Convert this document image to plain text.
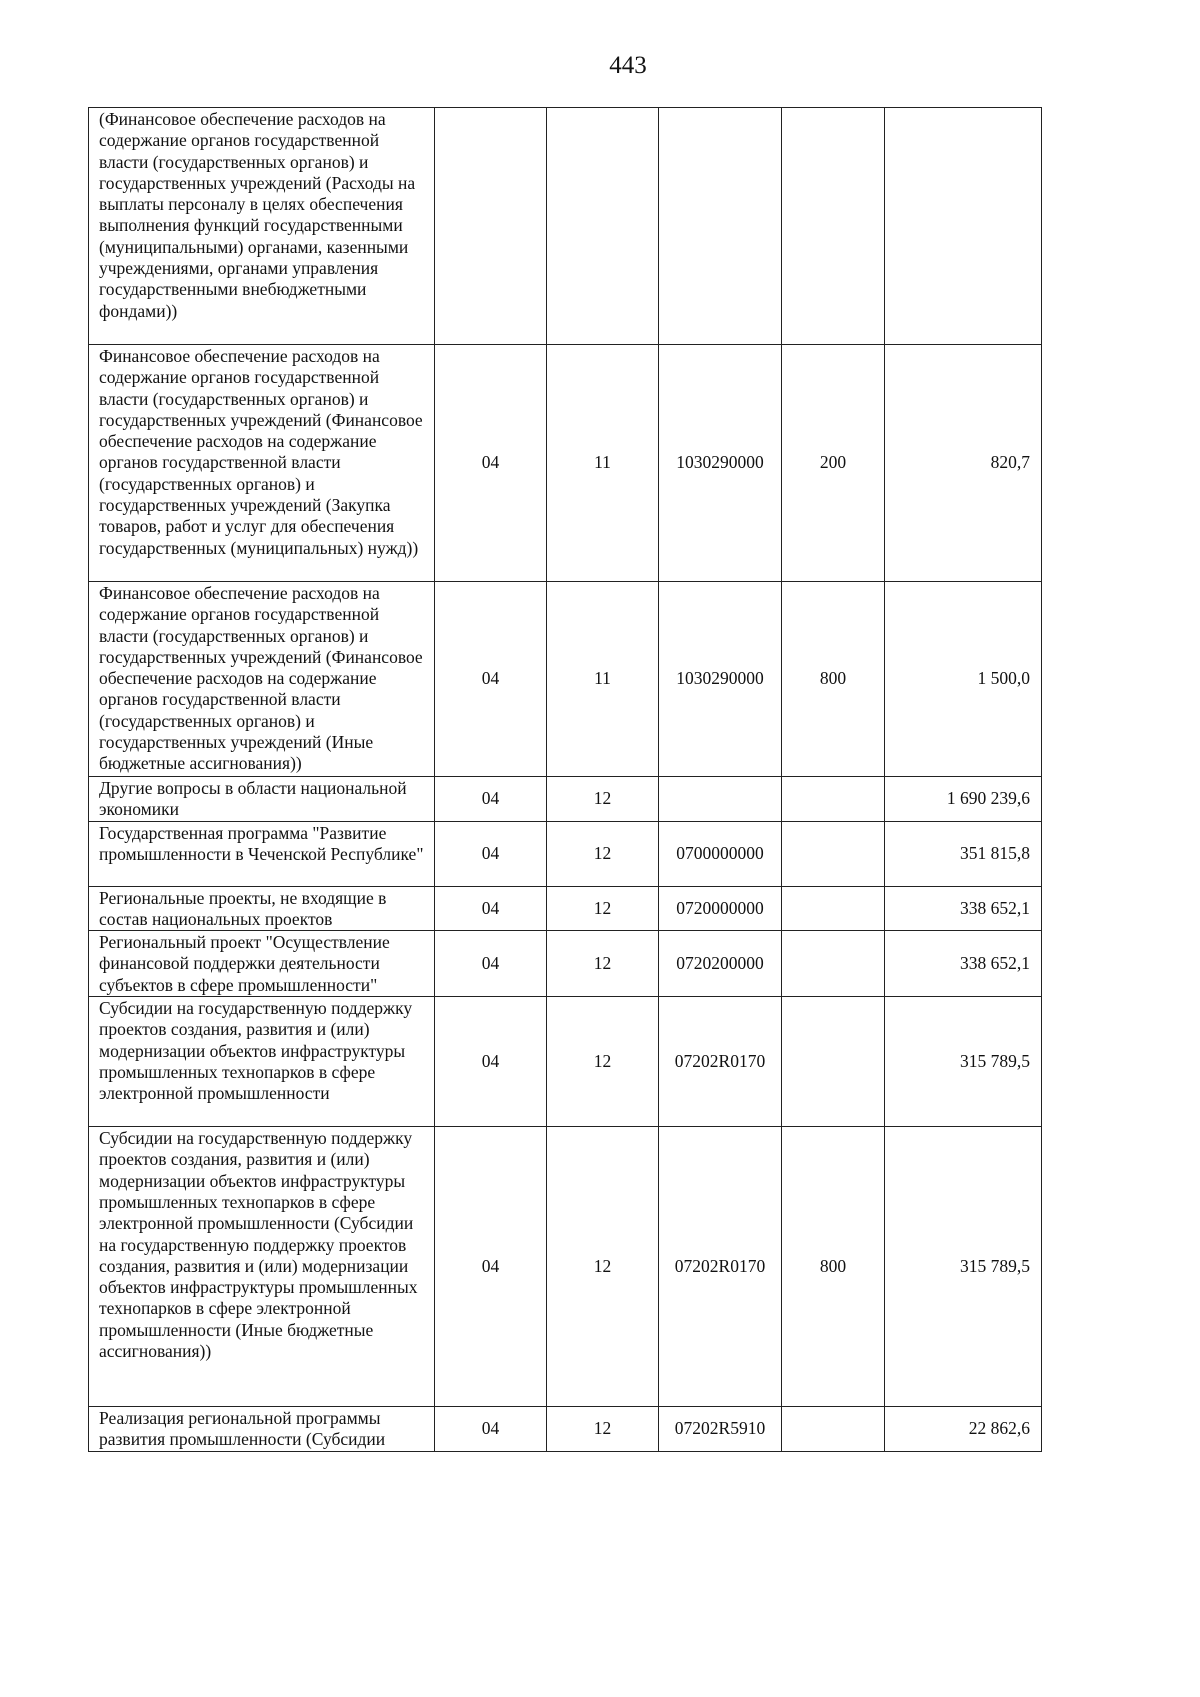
443
(Финансовое обеспечение расходов на содержание органов государственной власти (государственных органов) и государственных учреждений (Расходы на выплаты персоналу в целях обеспечения выполнения функций государственными (муниципальными) органами, казенными учреждениями, органами управления государственными внебюджетными фондами))					
Финансовое обеспечение расходов на содержание органов государственной власти (государственных органов) и государственных учреждений (Финансовое обеспечение расходов на содержание органов государственной власти (государственных органов) и государственных учреждений (Закупка товаров, работ и услуг для обеспечения государственных (муниципальных) нужд))	04	11	1030290000	200	820,7
Финансовое обеспечение расходов на содержание органов государственной власти (государственных органов) и государственных учреждений (Финансовое обеспечение расходов на содержание органов государственной власти (государственных органов) и государственных учреждений (Иные бюджетные ассигнования))	04	11	1030290000	800	1 500,0
Другие вопросы в области национальной экономики	04	12			1 690 239,6
Государственная программа "Развитие промышленности в Чеченской Республике"	04	12	0700000000		351 815,8
Региональные проекты, не входящие в состав национальных проектов	04	12	0720000000		338 652,1
Региональный проект "Осуществление финансовой поддержки деятельности субъектов в сфере промышленности"	04	12	0720200000		338 652,1
Субсидии на государственную поддержку проектов создания, развития и (или) модернизации объектов инфраструктуры промышленных технопарков в сфере электронной промышленности	04	12	07202R0170		315 789,5
Субсидии на государственную поддержку проектов создания, развития и (или) модернизации объектов инфраструктуры промышленных технопарков в сфере электронной промышленности (Субсидии на государственную поддержку проектов создания, развития и (или) модернизации объектов инфраструктуры промышленных технопарков в сфере электронной промышленности (Иные бюджетные ассигнования))	04	12	07202R0170	800	315 789,5
Реализация региональной программы развития промышленности (Субсидии	04	12	07202R5910		22 862,6
